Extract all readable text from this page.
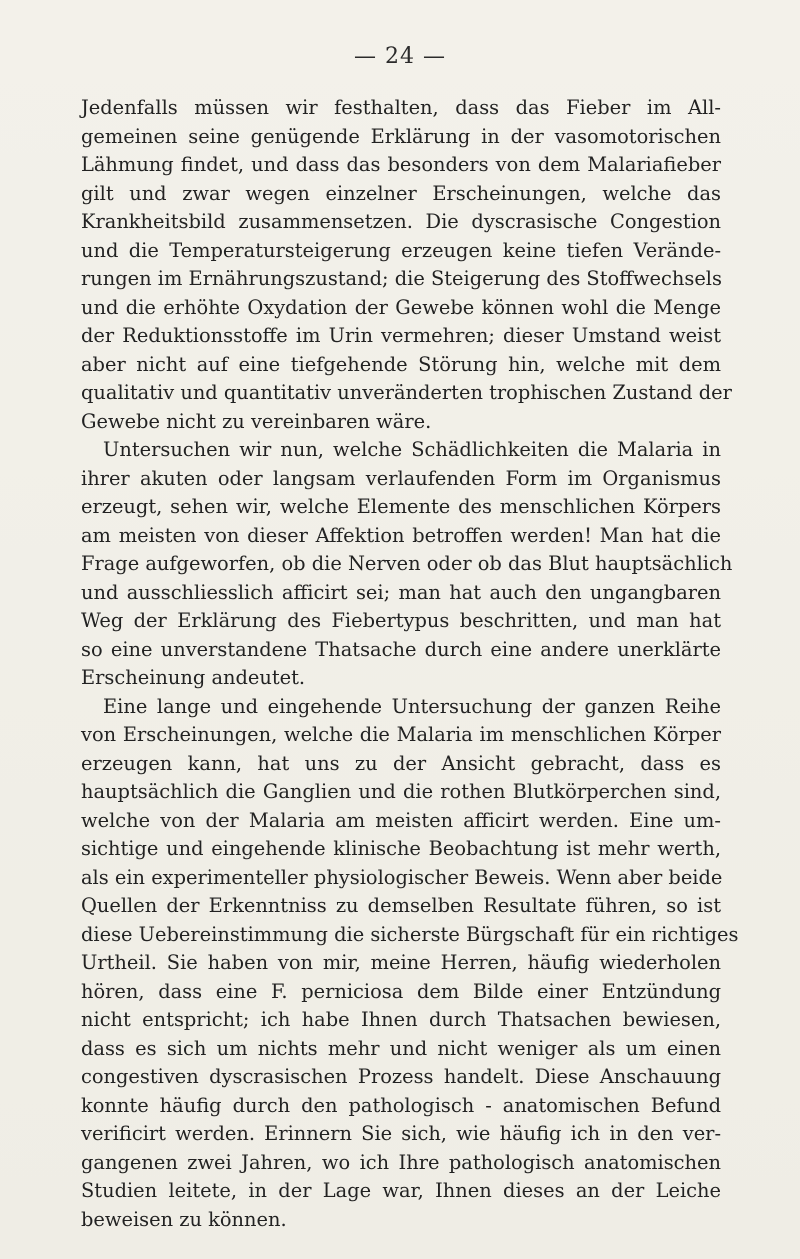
— 24 —
Jedenfalls müssen wir festhalten, dass das Fieber im All-
gemeinen seine genügende Erklärung in der vasomotorischen
Lähmung findet, und dass das besonders von dem Malariafieber
gilt und zwar wegen einzelner Erscheinungen, welche das
Krankheitsbild zusammensetzen. Die dyscrasische Congestion
und die Temperatursteigerung erzeugen keine tiefen Verände-
rungen im Ernährungszustand; die Steigerung des Stoffwechsels
und die erhöhte Oxydation der Gewebe können wohl die Menge
der Reduktionsstoffe im Urin vermehren; dieser Umstand weist
aber nicht auf eine tiefgehende Störung hin, welche mit dem
qualitativ und quantitativ unveränderten trophischen Zustand der
Gewebe nicht zu vereinbaren wäre.
Untersuchen wir nun, welche Schädlichkeiten die Malaria in
ihrer akuten oder langsam verlaufenden Form im Organismus
erzeugt, sehen wir, welche Elemente des menschlichen Körpers
am meisten von dieser Affektion betroffen werden! Man hat die
Frage aufgeworfen, ob die Nerven oder ob das Blut hauptsächlich
und ausschliesslich afficirt sei; man hat auch den ungangbaren
Weg der Erklärung des Fiebertypus beschritten, und man hat
so eine unverstandene Thatsache durch eine andere unerklärte
Erscheinung andeutet.
Eine lange und eingehende Untersuchung der ganzen Reihe
von Erscheinungen, welche die Malaria im menschlichen Körper
erzeugen kann, hat uns zu der Ansicht gebracht, dass es
hauptsächlich die Ganglien und die rothen Blutkörperchen sind,
welche von der Malaria am meisten afficirt werden. Eine um-
sichtige und eingehende klinische Beobachtung ist mehr werth,
als ein experimenteller physiologischer Beweis. Wenn aber beide
Quellen der Erkenntniss zu demselben Resultate führen, so ist
diese Uebereinstimmung die sicherste Bürgschaft für ein richtiges
Urtheil. Sie haben von mir, meine Herren, häufig wiederholen
hören, dass eine F. perniciosa dem Bilde einer Entzündung
nicht entspricht; ich habe Ihnen durch Thatsachen bewiesen,
dass es sich um nichts mehr und nicht weniger als um einen
congestiven dyscrasischen Prozess handelt. Diese Anschauung
konnte häufig durch den pathologisch - anatomischen Befund
verificirt werden. Erinnern Sie sich, wie häufig ich in den ver-
gangenen zwei Jahren, wo ich Ihre pathologisch anatomischen
Studien leitete, in der Lage war, Ihnen dieses an der Leiche
beweisen zu können.
